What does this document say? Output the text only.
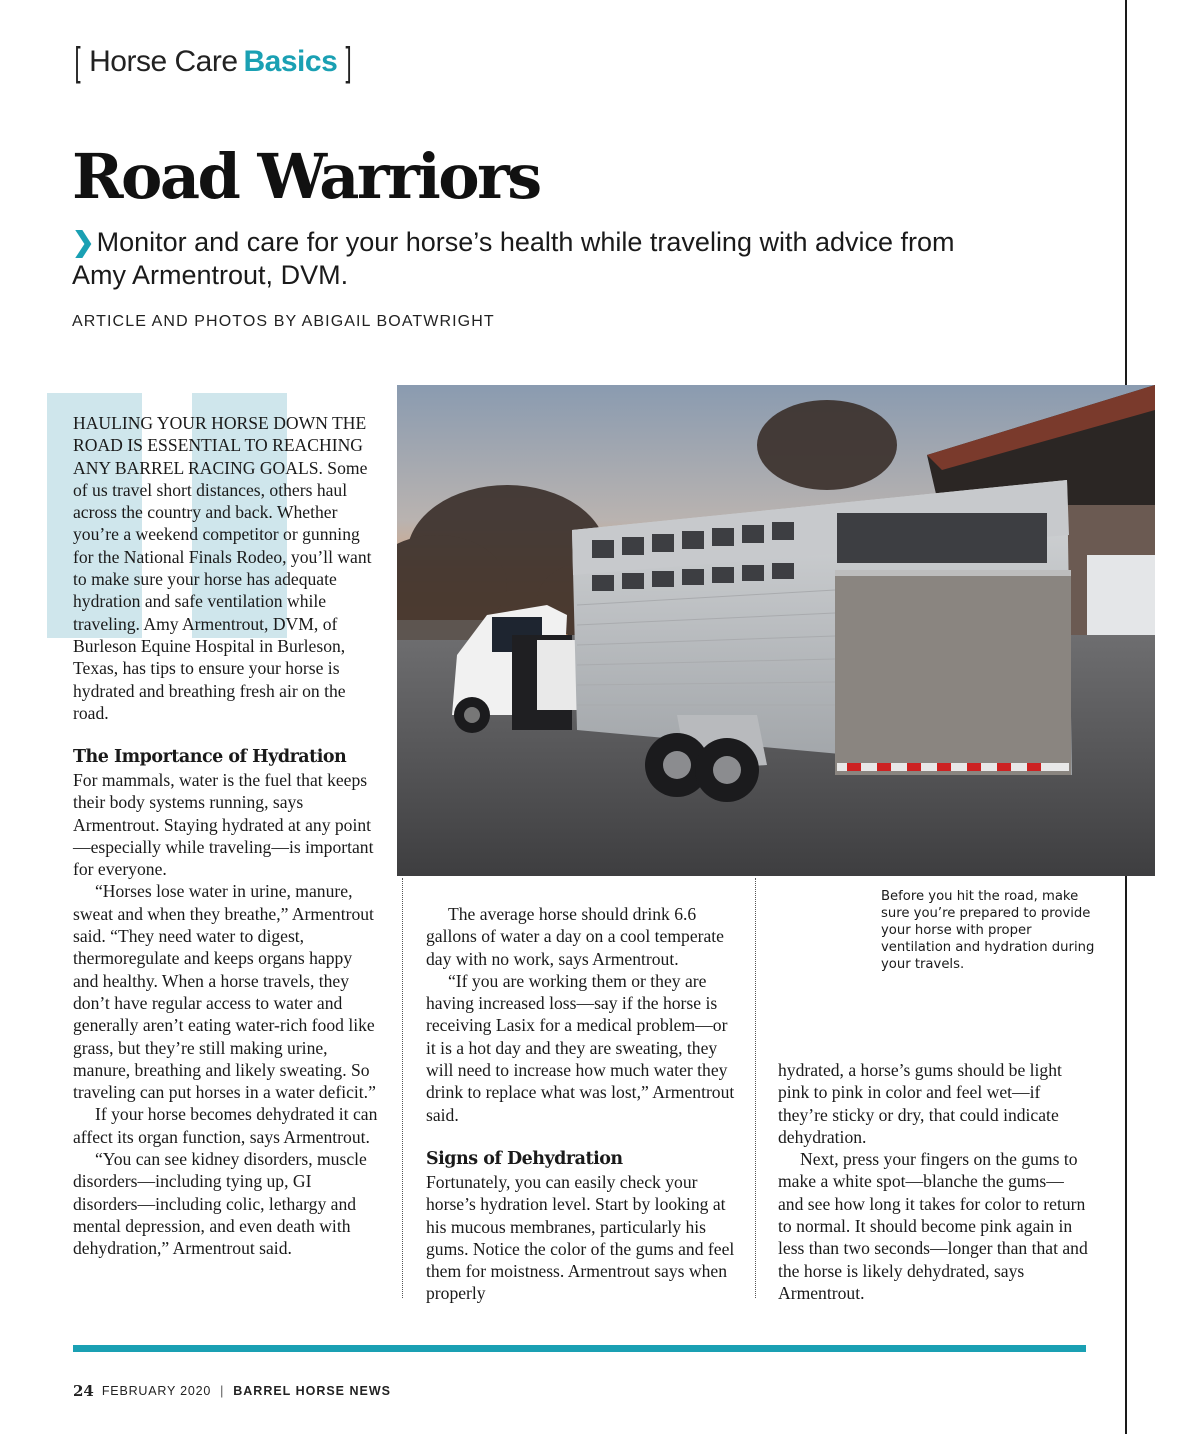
[ Horse Care Basics ]
Road Warriors
❯Monitor and care for your horse’s health while traveling with advice from Amy Armentrout, DVM.
ARTICLE AND PHOTOS BY ABIGAIL BOATWRIGHT
Before you hit the road, make sure you’re prepared to provide your horse with proper ventilation and hydration during your travels.

HAULING YOUR HORSE DOWN THE ROAD IS ESSENTIAL TO REACHING ANY BARREL RACING GOALS. Some of us travel short distances, others haul across the country and back. Whether you’re a weekend competitor or gunning for the National Finals Rodeo, you’ll want to make sure your horse has adequate hydration and safe ventilation while traveling. Amy Armentrout, DVM, of Burleson Equine Hospital in Burleson, Texas, has tips to ensure your horse is hydrated and breathing fresh air on the road.

The Importance of Hydration

For mammals, water is the fuel that keeps their body systems running, says Armentrout. Staying hydrated at any point—especially while traveling—is important for everyone.

“Horses lose water in urine, manure, sweat and when they breathe,” Armentrout said. “They need water to digest, thermoregulate and keeps organs happy and healthy. When a horse travels, they don’t have regular access to water and generally aren’t eating water-rich food like grass, but they’re still making urine, manure, breathing and likely sweating. So traveling can put horses in a water deficit.”

If your horse becomes dehydrated it can affect its organ function, says Armentrout.

“You can see kidney disorders, muscle disorders—including tying up, GI disorders—including colic, lethargy and mental depression, and even death with dehydration,” Armentrout said.

The average horse should drink 6.6 gallons of water a day on a cool temperate day with no work, says Armentrout.

“If you are working them or they are having increased loss—say if the horse is receiving Lasix for a medical problem—or it is a hot day and they are sweating, they will need to increase how much water they drink to replace what was lost,” Armentrout said.

Signs of Dehydration

Fortunately, you can easily check your horse’s hydration level. Start by looking at his mucous membranes, particularly his gums. Notice the color of the gums and feel them for moistness. Armentrout says when properly

hydrated, a horse’s gums should be light pink to pink in color and feel wet—if they’re sticky or dry, that could indicate dehydration.

Next, press your fingers on the gums to make a white spot—blanche the gums—and see how long it takes for color to return to normal. It should become pink again in less than two seconds—longer than that and the horse is likely dehydrated, says Armentrout.

24 FEBRUARY 2020 | BARREL HORSE NEWS
